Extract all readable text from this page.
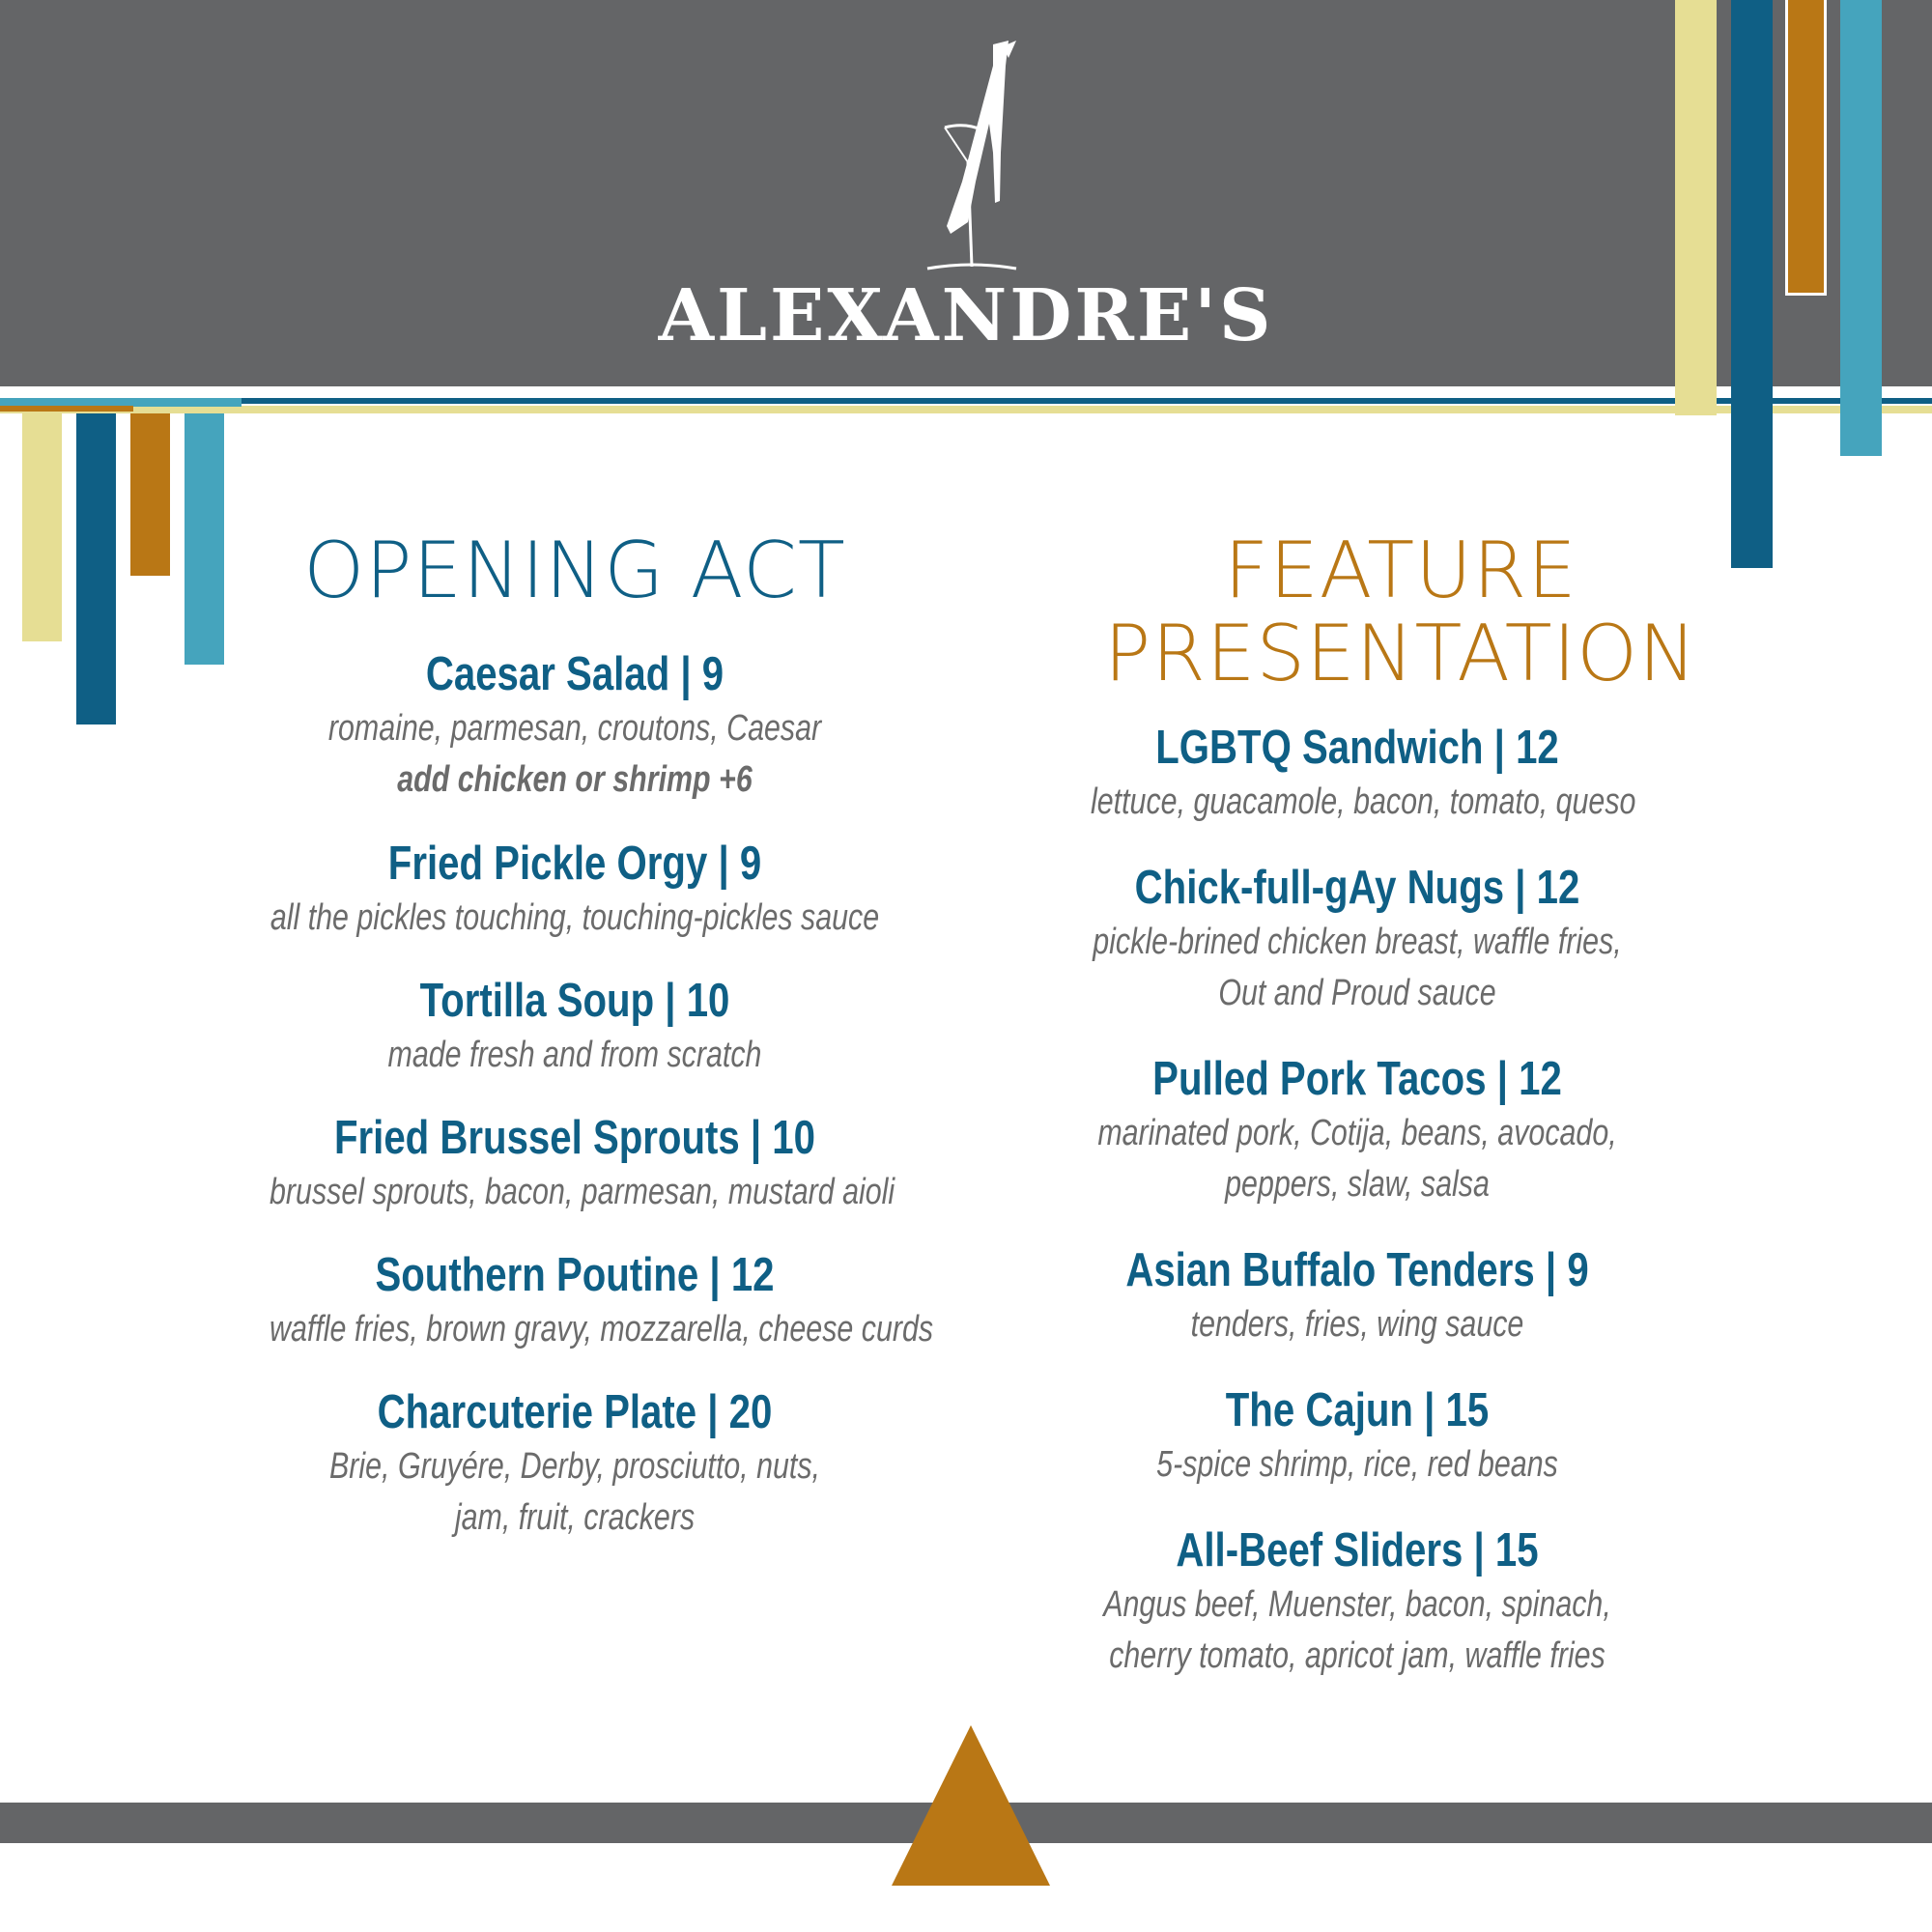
ALEXANDRE'S
OPENING ACT
Caesar Salad | 9
romaine, parmesan, croutons, Caesar
add chicken or shrimp +6
Fried Pickle Orgy | 9
all the pickles touching, touching-pickles sauce
Tortilla Soup | 10
made fresh and from scratch
Fried Brussel Sprouts | 10
brussel sprouts, bacon, parmesan, mustard aioli
Southern Poutine | 12
waffle fries, brown gravy, mozzarella, cheese curds
Charcuterie Plate | 20
Brie, Gruyére, Derby, prosciutto, nuts,
jam, fruit, crackers
FEATURE
PRESENTATION
LGBTQ Sandwich | 12
lettuce, guacamole, bacon, tomato, queso
Chick-full-gAy Nugs | 12
pickle-brined chicken breast, waffle fries,
Out and Proud sauce
Pulled Pork Tacos | 12
marinated pork, Cotija, beans, avocado,
peppers, slaw, salsa
Asian Buffalo Tenders | 9
tenders, fries, wing sauce
The Cajun | 15
5-spice shrimp, rice, red beans
All-Beef Sliders | 15
Angus beef, Muenster, bacon, spinach,
cherry tomato, apricot jam, waffle fries
